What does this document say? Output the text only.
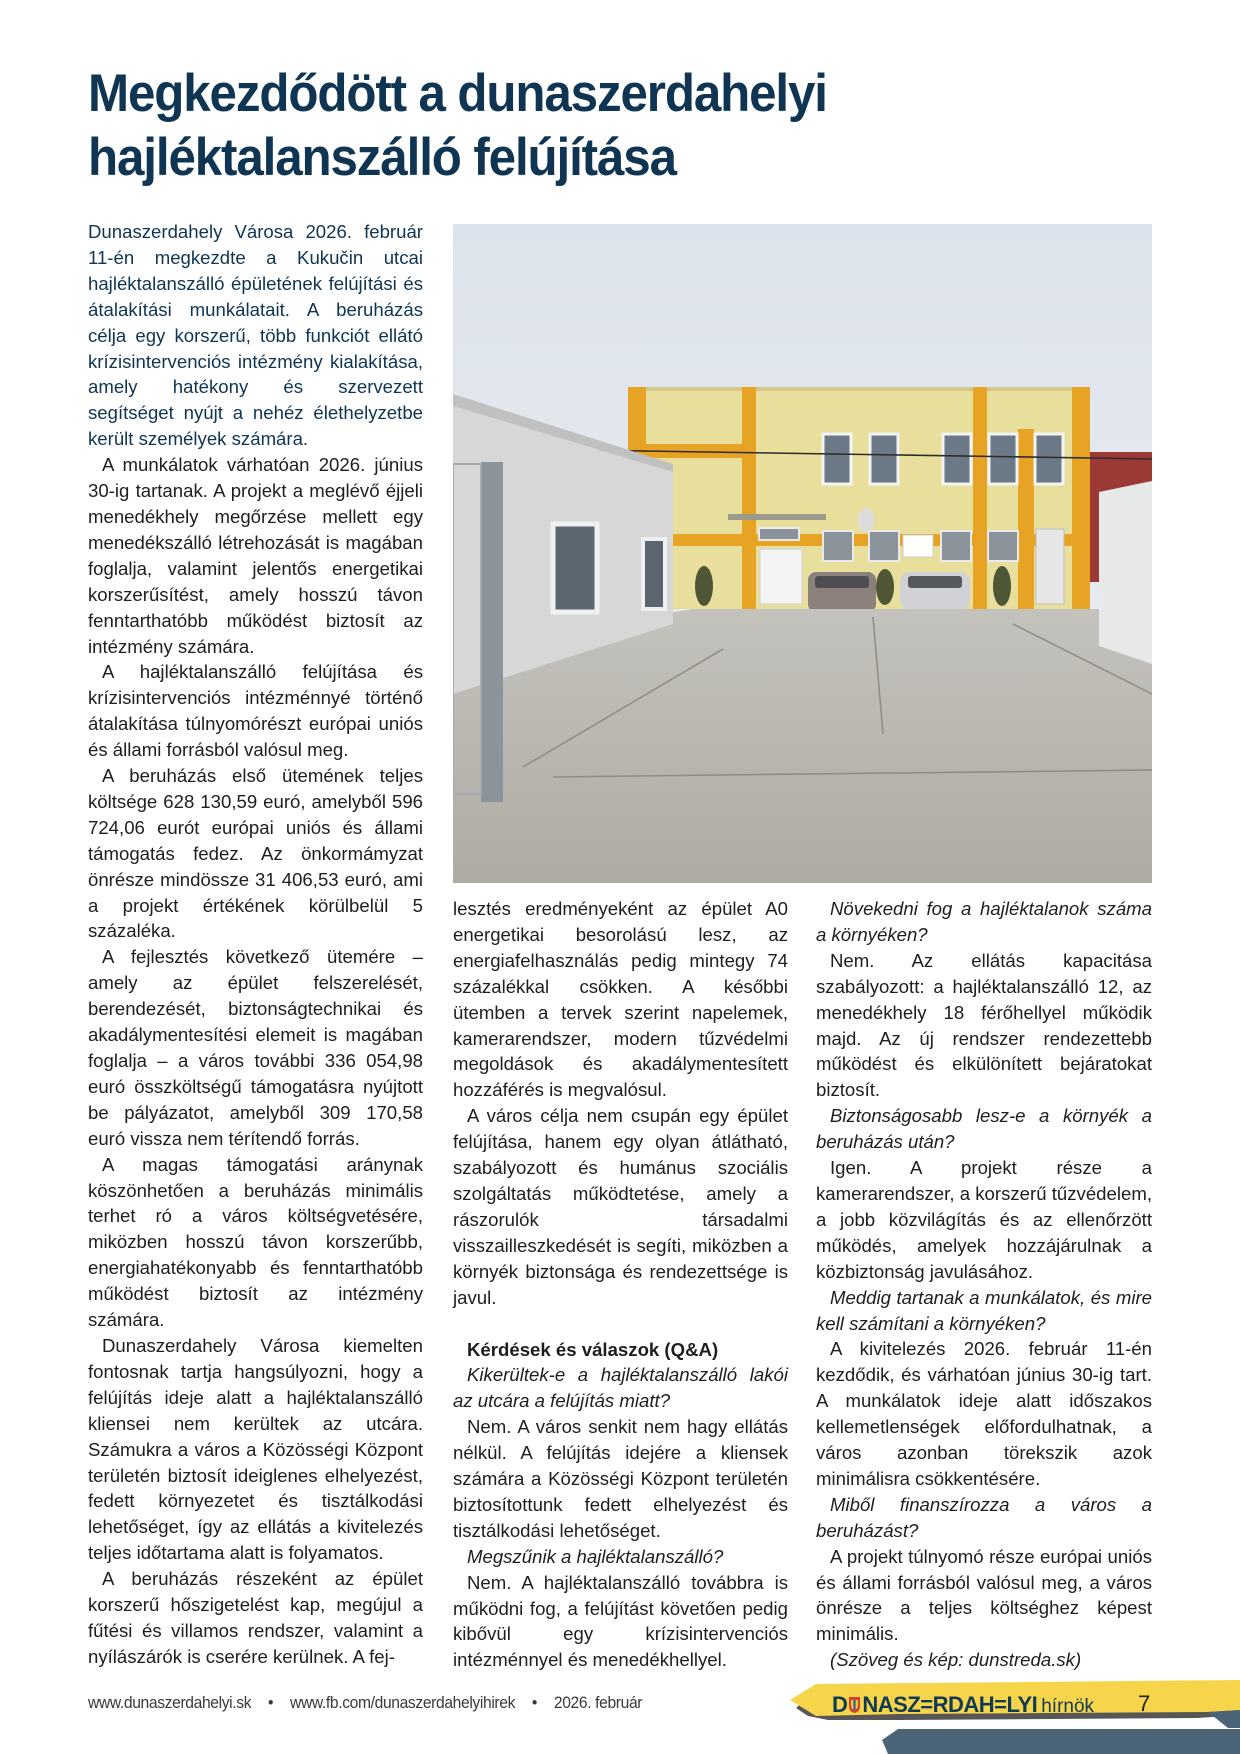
Megkezdődött a dunaszerdahelyi
hajléktalanszálló felújítása

Dunaszerdahely Városa 2026. február 11-én megkezdte a Kukučin utcai hajléktalanszálló épületének felújítási és átalakítási munkálatait. A beruházás célja egy korszerű, több funkciót ellátó krízisintervenciós intézmény kialakítása, amely hatékony és szervezett segítséget nyújt a nehéz élethelyzetbe került személyek számára.

A munkálatok várhatóan 2026. június 30-ig tartanak. A projekt a meglévő éjjeli menedékhely megőrzése mellett egy menedékszálló létrehozását is magában foglalja, valamint jelentős energetikai korszerűsítést, amely hosszú távon fenntarthatóbb működést biztosít az intézmény számára.

A hajléktalanszálló felújítása és krízisintervenciós intézménnyé történő átalakítása túlnyomórészt európai uniós és állami forrásból valósul meg.

A beruházás első ütemének teljes költsége 628 130,59 euró, amelyből 596 724,06 eurót európai uniós és állami támogatás fedez. Az önkormámyzat önrésze mindössze 31 406,53 euró, ami a projekt értékének körülbelül 5 százaléka.

A fejlesztés következő ütemére – amely az épület felszerelését, berendezését, biztonságtechnikai és akadálymentesítési elemeit is magában foglalja – a város további 336 054,98 euró összköltségű támogatásra nyújtott be pályázatot, amelyből 309 170,58 euró vissza nem térítendő forrás.

A magas támogatási aránynak köszönhetően a beruházás minimális terhet ró a város költségvetésére, miközben hosszú távon korszerűbb, energiahatékonyabb és fenntarthatóbb működést biztosít az intézmény számára.

Dunaszerdahely Városa kiemelten fontosnak tartja hangsúlyozni, hogy a felújítás ideje alatt a hajléktalanszálló kliensei nem kerültek az utcára. Számukra a város a Közösségi Központ területén biztosít ideiglenes elhelyezést, fedett környezetet és tisztálkodási lehetőséget, így az ellátás a kivitelezés teljes időtartama alatt is folyamatos.

A beruházás részeként az épület korszerű hőszigetelést kap, megújul a fűtési és villamos rendszer, valamint a nyílászárók is cserére kerülnek. A fej-

lesztés eredményeként az épület A0 energetikai besorolású lesz, az energiafelhasználás pedig mintegy 74 százalékkal csökken. A későbbi ütemben a tervek szerint napelemek, kamerarendszer, modern tűzvédelmi megoldások és akadálymentesített hozzáférés is megvalósul.

A város célja nem csupán egy épület felújítása, hanem egy olyan átlátható, szabályozott és humánus szociális szolgáltatás működtetése, amely a rászorulók társadalmi visszailleszkedését is segíti, miközben a környék biztonsága és rendezettsége is javul.

Kérdések és válaszok (Q&A)

Kikerültek-e a hajléktalanszálló lakói az utcára a felújítás miatt?

Nem. A város senkit nem hagy ellátás nélkül. A felújítás idejére a kliensek számára a Közösségi Központ területén biztosítottunk fedett elhelyezést és tisztálkodási lehetőséget.

Megszűnik a hajléktalanszálló?

Nem. A hajléktalanszálló továbbra is működni fog, a felújítást követően pedig kibővül egy krízisintervenciós intézménnyel és menedékhellyel.

Növekedni fog a hajléktalanok száma a környéken?

Nem. Az ellátás kapacitása szabályozott: a hajléktalanszálló 12, az menedékhely 18 férőhellyel működik majd. Az új rendszer rendezettebb működést és elkülönített bejáratokat biztosít.

Biztonságosabb lesz-e a környék a beruházás után?

Igen. A projekt része a kamerarendszer, a korszerű tűzvédelem, a jobb közvilágítás és az ellenőrzött működés, amelyek hozzájárulnak a közbiztonság javulásához.

Meddig tartanak a munkálatok, és mire kell számítani a környéken?

A kivitelezés 2026. február 11-én kezdődik, és várhatóan június 30-ig tart. A munkálatok ideje alatt időszakos kellemetlenségek előfordulhatnak, a város azonban törekszik azok minimálisra csökkentésére.

Miből finanszírozza a város a beruházást?

A projekt túlnyomó része európai uniós és állami forrásból valósul meg, a város önrésze a teljes költséghez képest minimális.

(Szöveg és kép: dunstreda.sk)

www.dunaszerdahelyi.sk • www.fb.com/dunaszerdahelyihirek • 2026. február	D NASZ=RDAH=LYI hírnök 7
